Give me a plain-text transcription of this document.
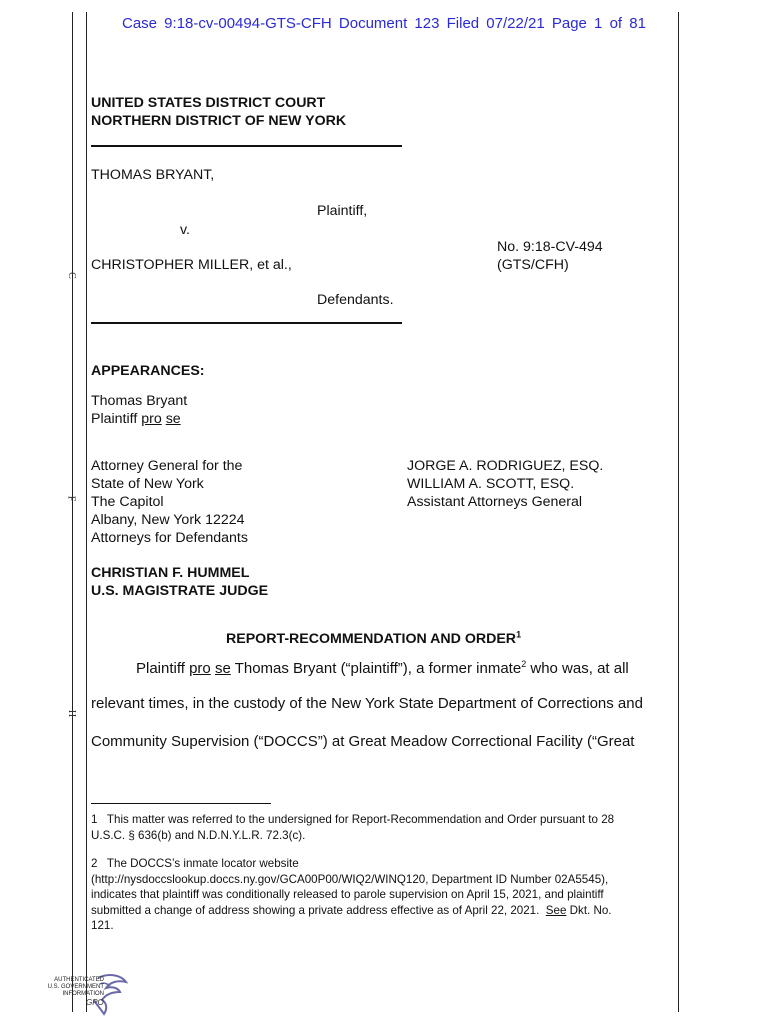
C
F
H
Case 9:18-cv-00494-GTS-CFH Document 123 Filed 07/22/21 Page 1 of 81
UNITED STATES DISTRICT COURT
NORTHERN DISTRICT OF NEW YORK
THOMAS BRYANT,
Plaintiff,
v.
CHRISTOPHER MILLER, et al.,
No. 9:18-CV-494
(GTS/CFH)
Defendants.
APPEARANCES:
Thomas Bryant
Plaintiff pro se
Attorney General for the
State of New York
The Capitol
Albany, New York 12224
Attorneys for Defendants
JORGE A. RODRIGUEZ, ESQ.
WILLIAM A. SCOTT, ESQ.
Assistant Attorneys General
CHRISTIAN F. HUMMEL
U.S. MAGISTRATE JUDGE
REPORT-RECOMMENDATION AND ORDER$^1$
Plaintiff pro se Thomas Bryant (“plaintiff”), a former inmate$^2$ who was, at all
relevant times, in the custody of the New York State Department of Corrections and
Community Supervision (“DOCCS”) at Great Meadow Correctional Facility (“Great
1 This matter was referred to the undersigned for Report-Recommendation and Order pursuant to 28
U.S.C. § 636(b) and N.D.N.Y.L.R. 72.3(c).
2 The DOCCS’s inmate locator website
(http://nysdoccslookup.doccs.ny.gov/GCA00P00/WIQ2/WINQ120, Department ID Number 02A5545),
indicates that plaintiff was conditionally released to parole supervision on April 15, 2021, and plaintiff
submitted a change of address showing a private address effective as of April 22, 2021.  See Dkt. No.
121.
AUTHENTICATED
U.S. GOVERNMENT
INFORMATION
GPO
